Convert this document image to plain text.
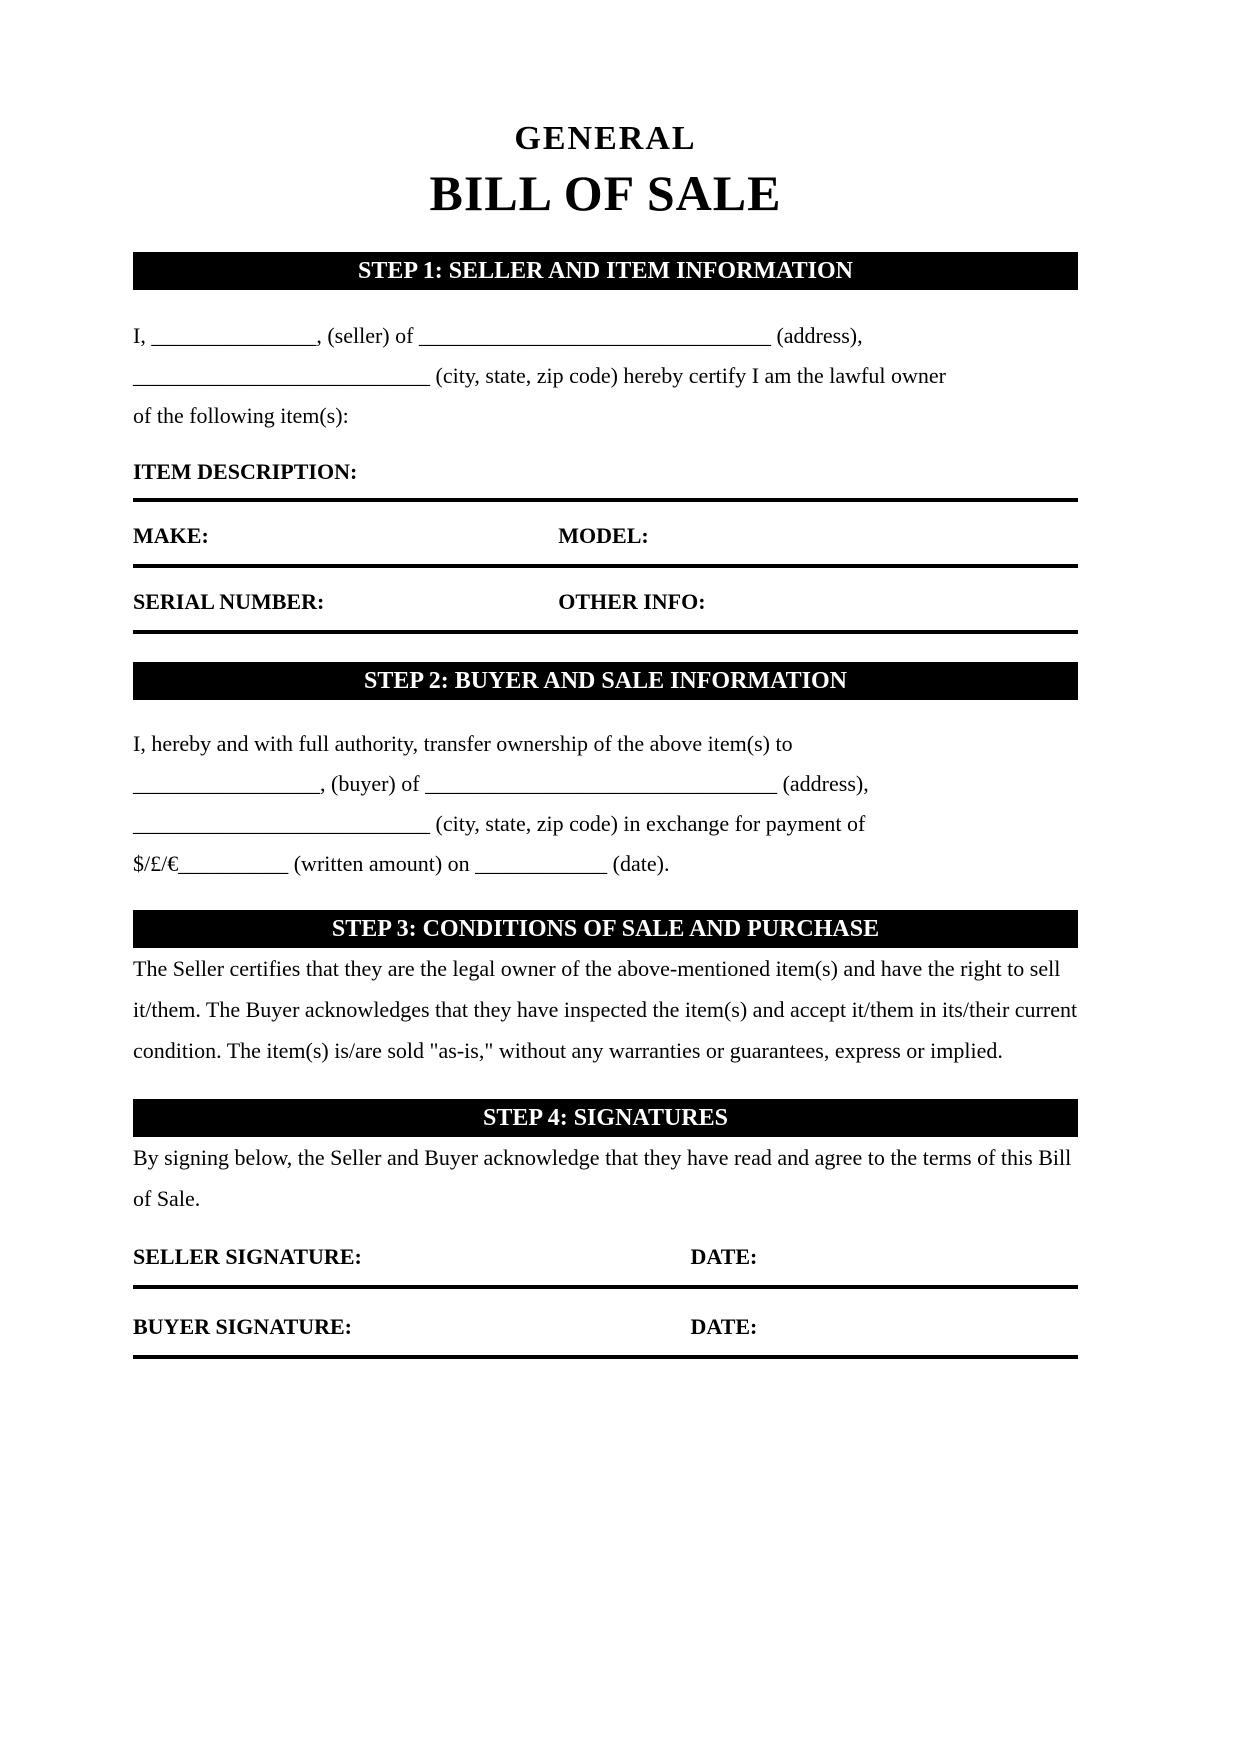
GENERAL
BILL OF SALE
STEP 1: SELLER AND ITEM INFORMATION
I, _______________, (seller) of ________________________________ (address),
___________________________ (city, state, zip code) hereby certify I am the lawful owner
of the following item(s):
ITEM DESCRIPTION:
MAKE:	MODEL:
SERIAL NUMBER:	OTHER INFO:
STEP 2: BUYER AND SALE INFORMATION
I, hereby and with full authority, transfer ownership of the above item(s) to
_________________, (buyer) of ________________________________ (address),
___________________________ (city, state, zip code) in exchange for payment of
$/£/€__________ (written amount) on ____________ (date).
STEP 3: CONDITIONS OF SALE AND PURCHASE

The Seller certifies that they are the legal owner of the above-mentioned item(s) and have the right to sell it/them. The Buyer acknowledges that they have inspected the item(s) and accept it/them in its/their current condition. The item(s) is/are sold "as-is," without any warranties or guarantees, express or implied.

STEP 4: SIGNATURES

By signing below, the Seller and Buyer acknowledge that they have read and agree to the terms of this Bill of Sale.

SELLER SIGNATURE:	DATE:
BUYER SIGNATURE:	DATE:
